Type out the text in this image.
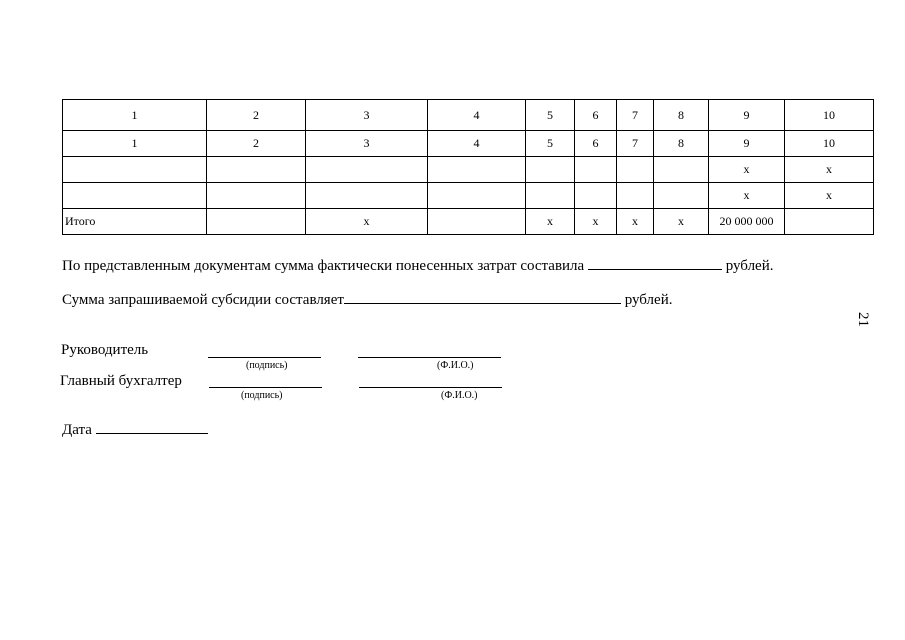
1	2	3	4	5	6	7	8	9	10
1	2	3	4	5	6	7	8	9	10
								x	x
								x	x
Итого		x		x	x	x	x	20 000 000	
По представленным документам сумма фактически понесенных затрат составила	рублей.
Сумма запрашиваемой субсидии составляет	рублей.
Руководитель
(подпись)	(Ф.И.О.)
Главный бухгалтер
(подпись)	(Ф.И.О.)
Дата
21
